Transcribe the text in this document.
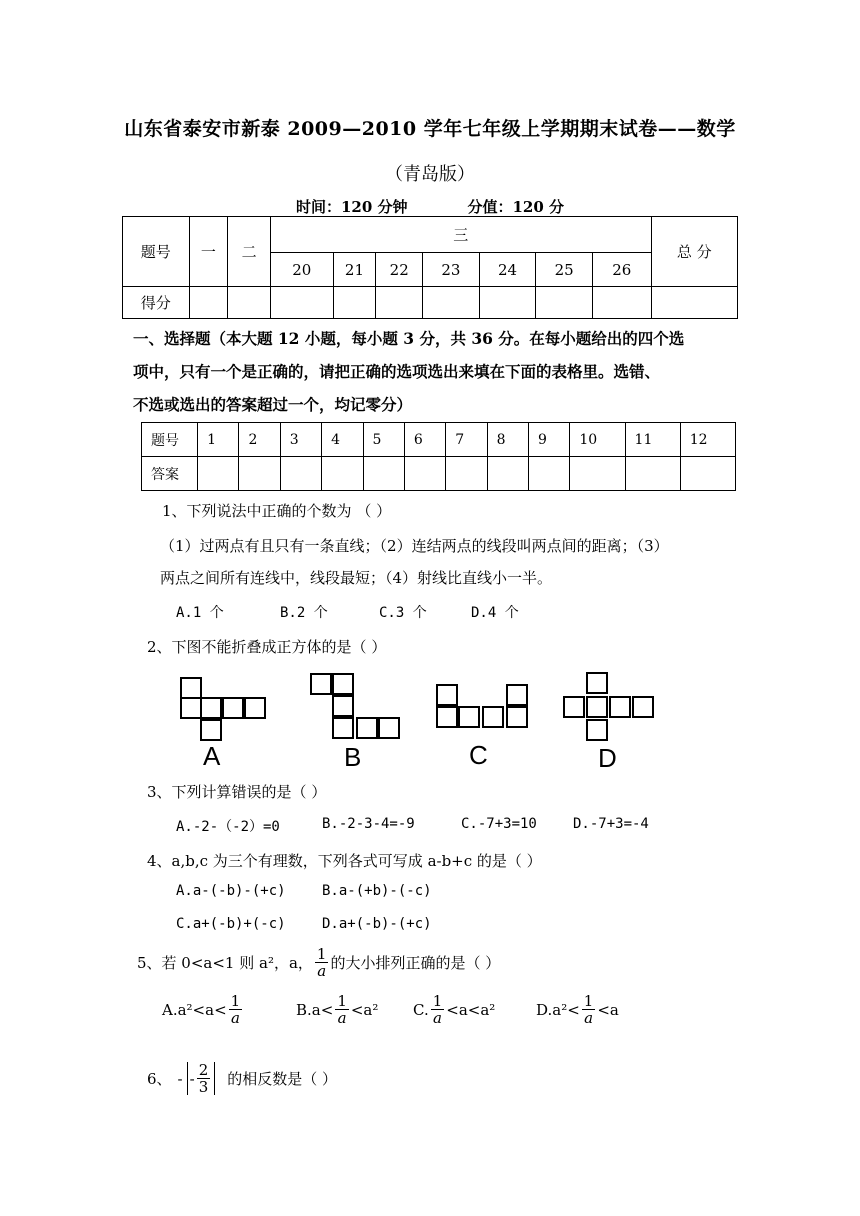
山东省泰安市新泰 2009—2010 学年七年级上学期期末试卷——数学
（青岛版）
时间：120 分钟	分值：120 分
题号	一	二	三							总 分
			20	21	22	23	24	25	26	
得分										
一、选择题（本大题 12 小题，每小题 3 分，共 36 分。在每小题给出的四个选
项中，只有一个是正确的，请把正确的选项选出来填在下面的表格里。选错、
不选或选出的答案超过一个，均记零分）
题号	1	2	3	4	5	6	7	8	9	10	11	12
答案												
1、下列说法中正确的个数为 （ ）
（1）过两点有且只有一条直线；（2）连结两点的线段叫两点间的距离；（3）
两点之间所有连线中，线段最短；（4）射线比直线小一半。
A.1 个	B.2 个	C.3 个	D.4 个
2、下图不能折叠成正方体的是（ ）
A	B	C	D
3、下列计算错误的是（ ）
A.-2-（-2）=0	B.-2-3-4=-9	C.-7+3=10	D.-7+3=-4
4、a,b,c 为三个有理数，下列各式可写成 a-b+c 的是（ ）
A.a-(-b)-(+c)	B.a-(+b)-(-c)
C.a+(-b)+(-c)	D.a+(-b)-(+c)
5、若 0<a<1 则 a²，a， $\frac{1}{a}$ 的大小排列正确的是（ ）
$A.a^2<a< \frac{1}{a}$	$B.a< \frac{1}{a} <a^2$ C. $\frac{1}{a} <a<a^2$	$D.a^2< \frac{1}{a} <a$
6、 - - $\frac{2}{3}$ 的相反数是（ ）
